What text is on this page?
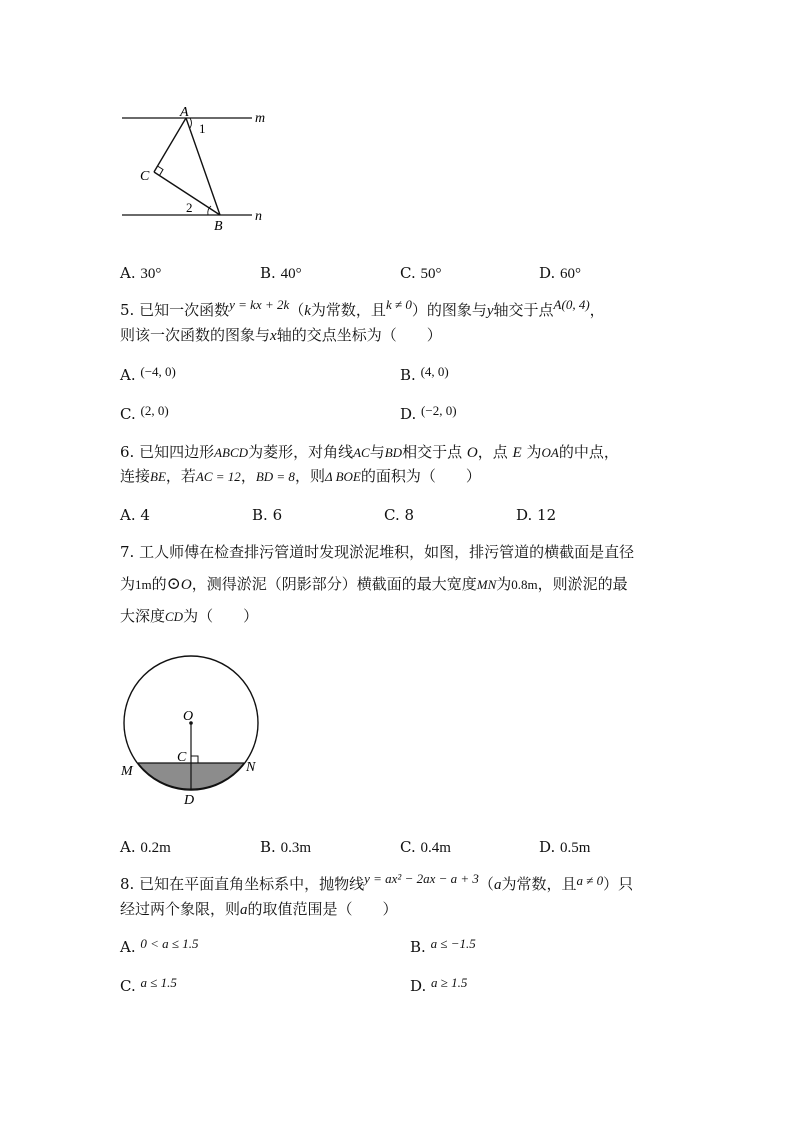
A
1
m
C
2
n
B
A. 30°	B. 40°	C. 50°	D. 60°
5. 已知一次函数y = kx + 2k（k为常数，且k ≠ 0）的图象与y轴交于点A(0, 4)，
则该一次函数的图象与x轴的交点坐标为（　　）
A. (−4, 0)	B. (4, 0)
C. (2, 0)	D. (−2, 0)
6. 已知四边形ABCD为菱形，对角线AC与BD相交于点 O，点 E 为OA的中点，
连接BE，若AC = 12，BD = 8，则Δ BOE的面积为（　　）
A. 4	B. 6	C. 8	D. 12
7. 工人师傅在检查排污管道时发现淤泥堆积，如图，排污管道的横截面是直径
为1m的⊙O，测得淤泥（阴影部分）横截面的最大宽度MN为0.8m，则淤泥的最
大深度CD为（　　）
O
C
M	N
D
A. 0.2m	B. 0.3m	C. 0.4m	D. 0.5m
8. 已知在平面直角坐标系中，抛物线y = ax² − 2ax − a + 3（a为常数，且a ≠ 0）只
经过两个象限，则a的取值范围是（　　）
A. 0 < a ≤ 1.5	B. a ≤ −1.5
C. a ≤ 1.5	D. a ≥ 1.5
